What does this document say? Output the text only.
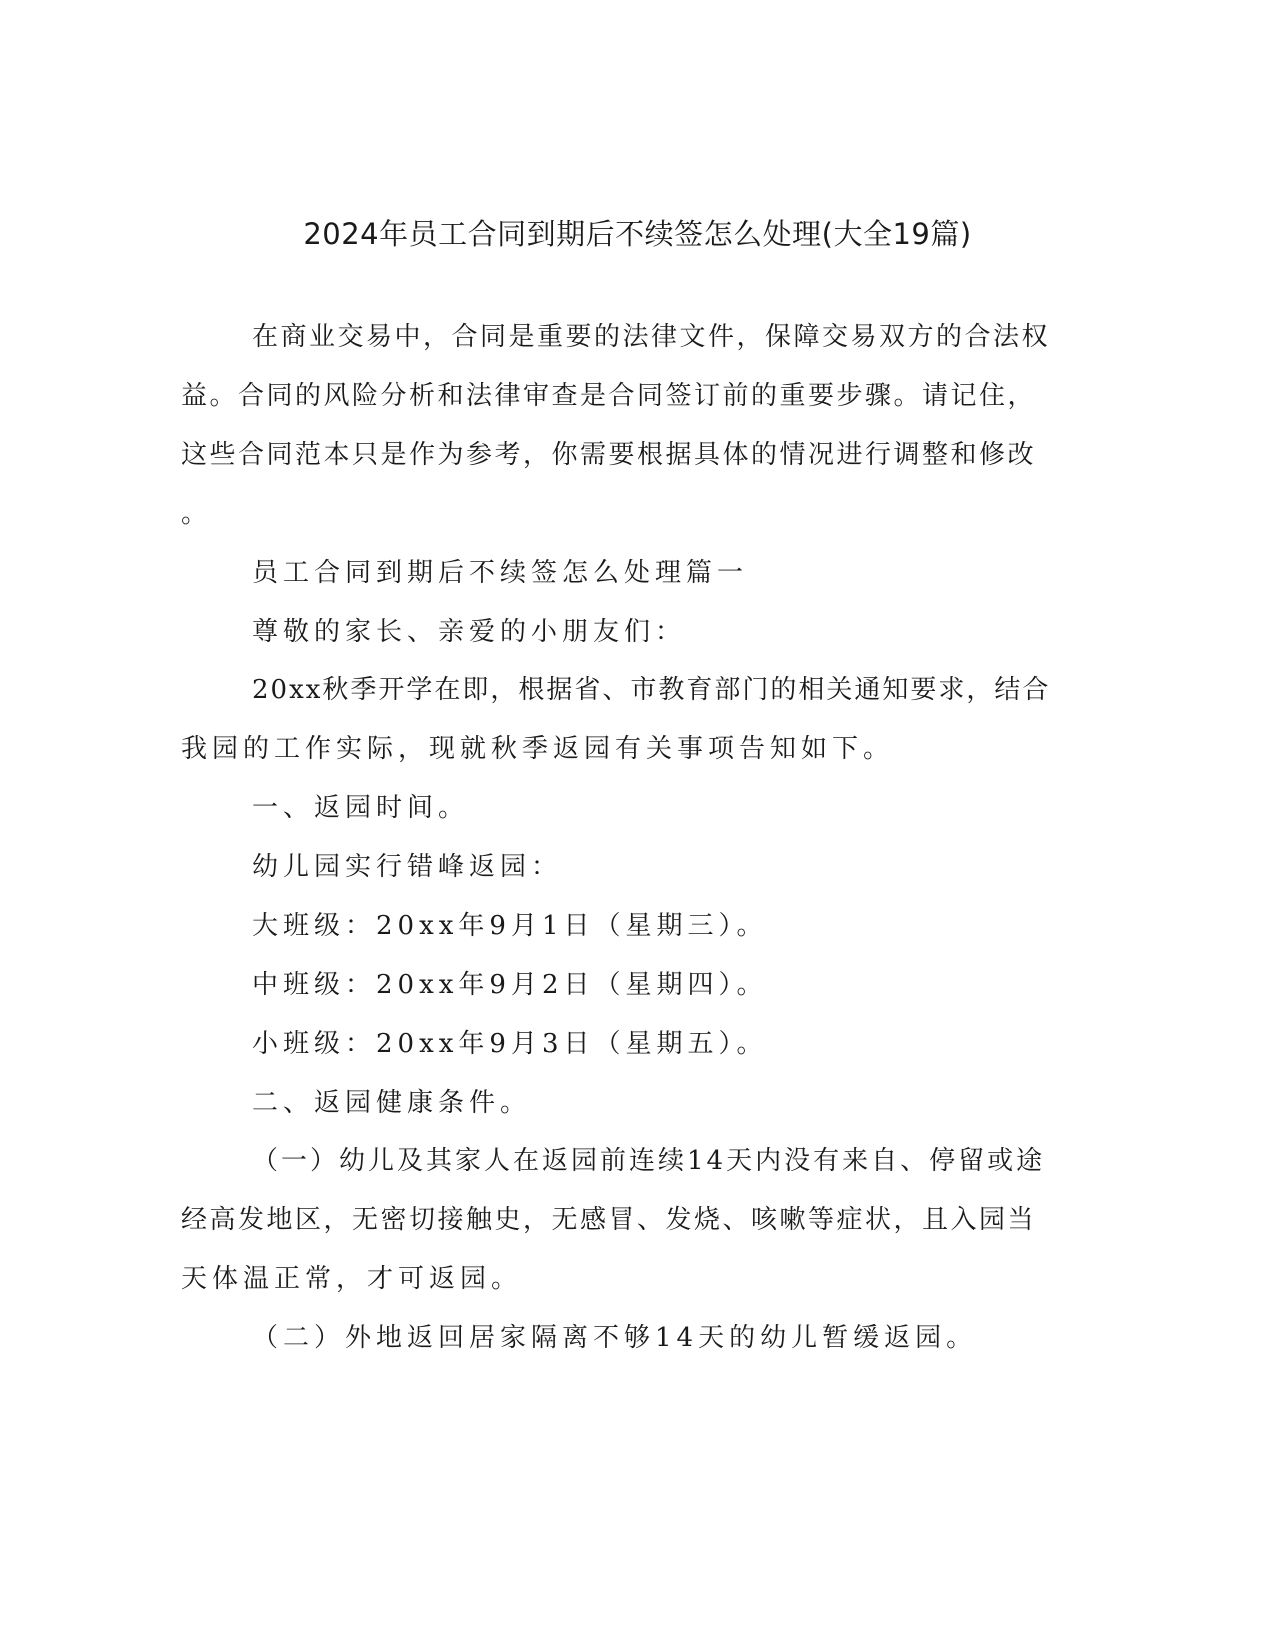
2024年员工合同到期后不续签怎么处理(大全19篇)
在商业交易中，合同是重要的法律文件，保障交易双方的合法权
益。合同的风险分析和法律审查是合同签订前的重要步骤。请记住，
这些合同范本只是作为参考，你需要根据具体的情况进行调整和修改
。
员工合同到期后不续签怎么处理篇一
尊敬的家长、亲爱的小朋友们：
20xx秋季开学在即，根据省、市教育部门的相关通知要求，结合
我园的工作实际，现就秋季返园有关事项告知如下。
一、返园时间。
幼儿园实行错峰返园：
大班级：20xx年9月1日（星期三）。
中班级：20xx年9月2日（星期四）。
小班级：20xx年9月3日（星期五）。
二、返园健康条件。
（一）幼儿及其家人在返园前连续14天内没有来自、停留或途
经高发地区，无密切接触史，无感冒、发烧、咳嗽等症状，且入园当
天体温正常，才可返园。
（二）外地返回居家隔离不够14天的幼儿暂缓返园。
